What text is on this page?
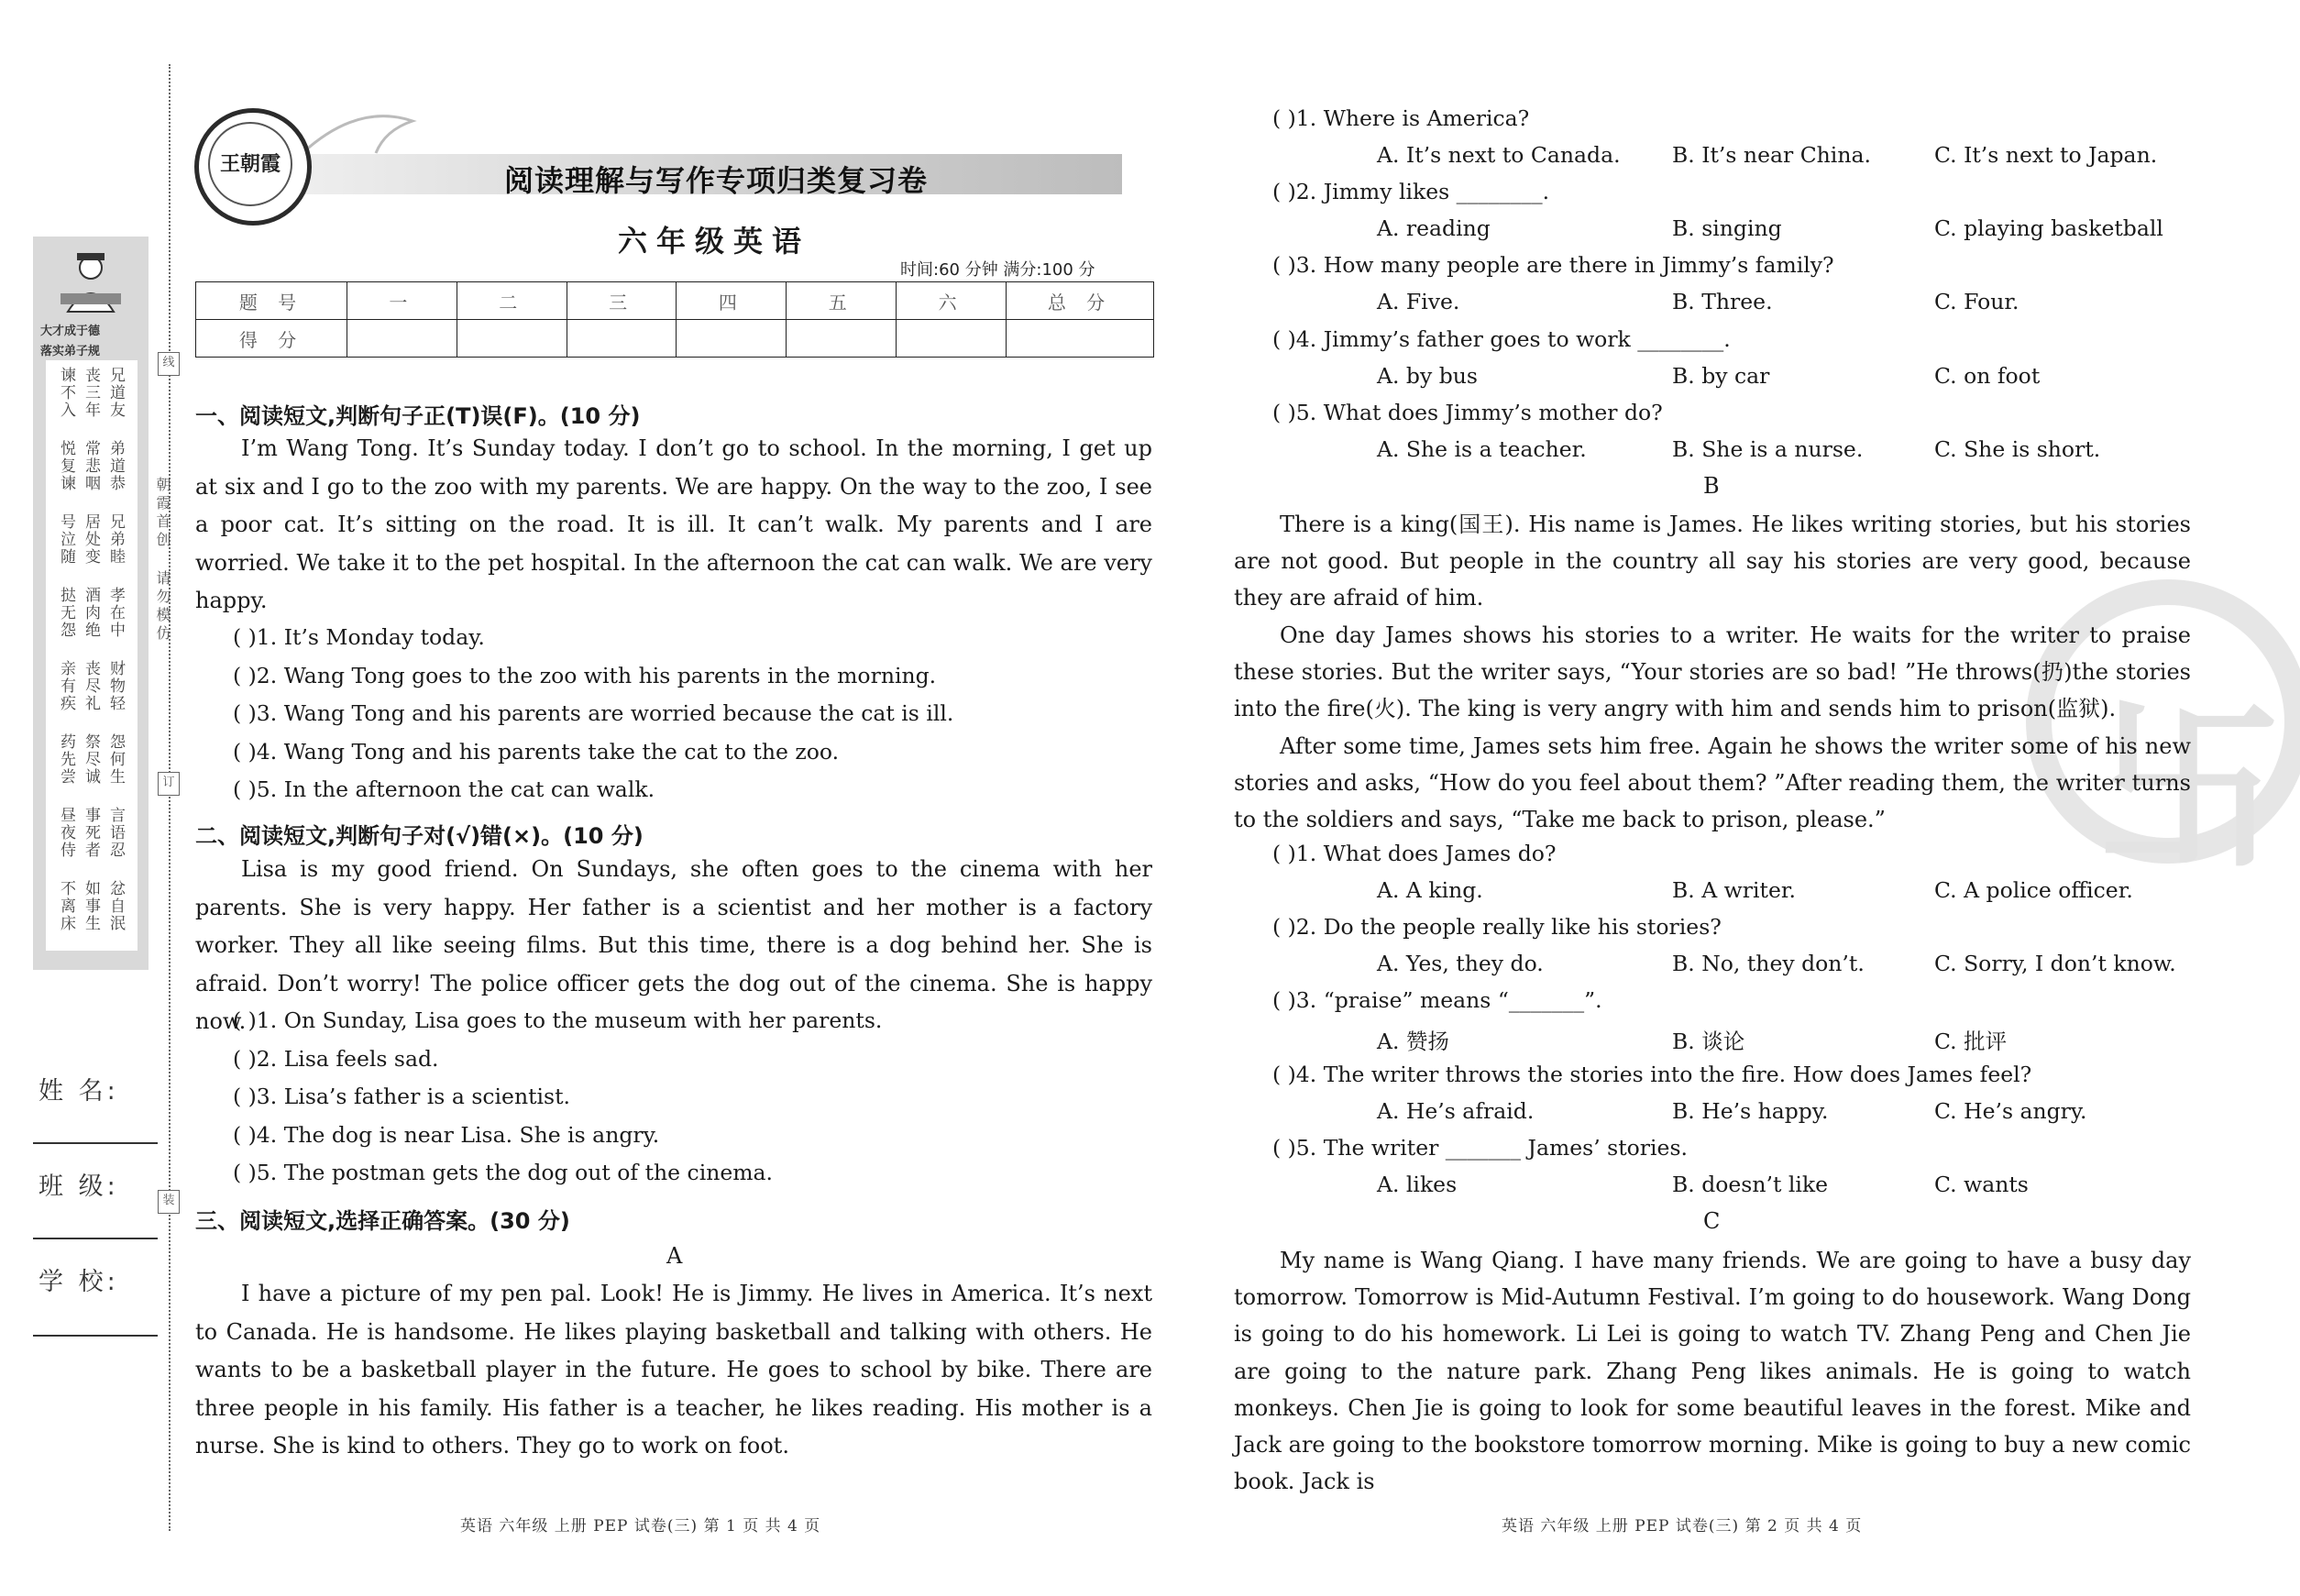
大才成于德
落实弟子规
兄道友
丧三年
谏不入
弟道恭
常悲咽
悦复谏
兄弟睦
居处变
号泣随
孝在中
酒肉绝
挞无怨
财物轻
丧尽礼
亲有疾
怨何生
祭尽诚
药先尝
言语忍
事死者
昼夜侍
忿自泯
如事生
不离床
朝霞首创
请勿模仿
线
订
装
姓 名:
班 级:
学 校:
王朝霞	阅读理解与写作专项归类复习卷
六年级英语
时间:60 分钟 满分:100 分
题 号	一	二	三	四	五	六	总 分
得 分							
一、阅读短文,判断句子正(T)误(F)。(10 分)
I’m Wang Tong. It’s Sunday today. I don’t go to school. In the morning, I get up at six and I go to the zoo with my parents. We are happy. On the way to the zoo, I see a poor cat. It’s sitting on the road. It is ill. It can’t walk. My parents and I are worried. We take it to the pet hospital. In the afternoon the cat can walk. We are very happy.
( )1. It’s Monday today.
( )2. Wang Tong goes to the zoo with his parents in the morning.
( )3. Wang Tong and his parents are worried because the cat is ill.
( )4. Wang Tong and his parents take the cat to the zoo.
( )5. In the afternoon the cat can walk.
二、阅读短文,判断句子对(√)错(×)。(10 分)
Lisa is my good friend. On Sundays, she often goes to the cinema with her parents. She is very happy. Her father is a scientist and her mother is a factory worker. They all like seeing films. But this time, there is a dog behind her. She is afraid. Don’t worry! The police officer gets the dog out of the cinema. She is happy now.
( )1. On Sunday, Lisa goes to the museum with her parents.
( )2. Lisa feels sad.
( )3. Lisa’s father is a scientist.
( )4. The dog is near Lisa. She is angry.
( )5. The postman gets the dog out of the cinema.
三、阅读短文,选择正确答案。(30 分)
A
I have a picture of my pen pal. Look! He is Jimmy. He lives in America. It’s next to Canada. He is handsome. He likes playing basketball and talking with others. He wants to be a basketball player in the future. He goes to school by bike. There are three people in his family. His father is a teacher, he likes reading. His mother is a nurse. She is kind to others. They go to work on foot.
英语 六年级 上册 PEP 试卷(三) 第 1 页 共 4 页
卐
( )1. Where is America?
A. It’s next to Canada. B. It’s near China.	C. It’s next to Japan.
( )2. Jimmy likes ________.
A. reading	B. singing	C. playing basketball
( )3. How many people are there in Jimmy’s family?
A. Five.	B. Three.	C. Four.
( )4. Jimmy’s father goes to work ________.
A. by bus	B. by car	C. on foot
( )5. What does Jimmy’s mother do?
A. She is a teacher.	B. She is a nurse.	C. She is short.
B
There is a king(国王). His name is James. He likes writing stories, but his stories are not good. But people in the country all say his stories are very good, because they are afraid of him.
One day James shows his stories to a writer. He waits for the writer to praise these stories. But the writer says, “Your stories are so bad! ”He throws(扔)the stories into the fire(火). The king is very angry with him and sends him to prison(监狱).
After some time, James sets him free. Again he shows the writer some of his new stories and asks, “How do you feel about them? ”After reading them, the writer turns to the soldiers and says, “Take me back to prison, please.”
( )1. What does James do?
A. A king.	B. A writer.	C. A police officer.
( )2. Do the people really like his stories?
A. Yes, they do.	B. No, they don’t.	C. Sorry, I don’t know.
( )3. “praise” means “_______”.
A. 赞扬	B. 谈论	C. 批评
( )4. The writer throws the stories into the fire. How does James feel?
A. He’s afraid.	B. He’s happy.	C. He’s angry.
( )5. The writer _______ James’ stories.
A. likes	B. doesn’t like	C. wants
C
My name is Wang Qiang. I have many friends. We are going to have a busy day tomorrow. Tomorrow is Mid-Autumn Festival. I’m going to do housework. Wang Dong is going to do his homework. Li Lei is going to watch TV. Zhang Peng and Chen Jie are going to the nature park. Zhang Peng likes animals. He is going to watch monkeys. Chen Jie is going to look for some beautiful leaves in the forest. Mike and Jack are going to the bookstore tomorrow morning. Mike is going to buy a new comic book. Jack is
英语 六年级 上册 PEP 试卷(三) 第 2 页 共 4 页
